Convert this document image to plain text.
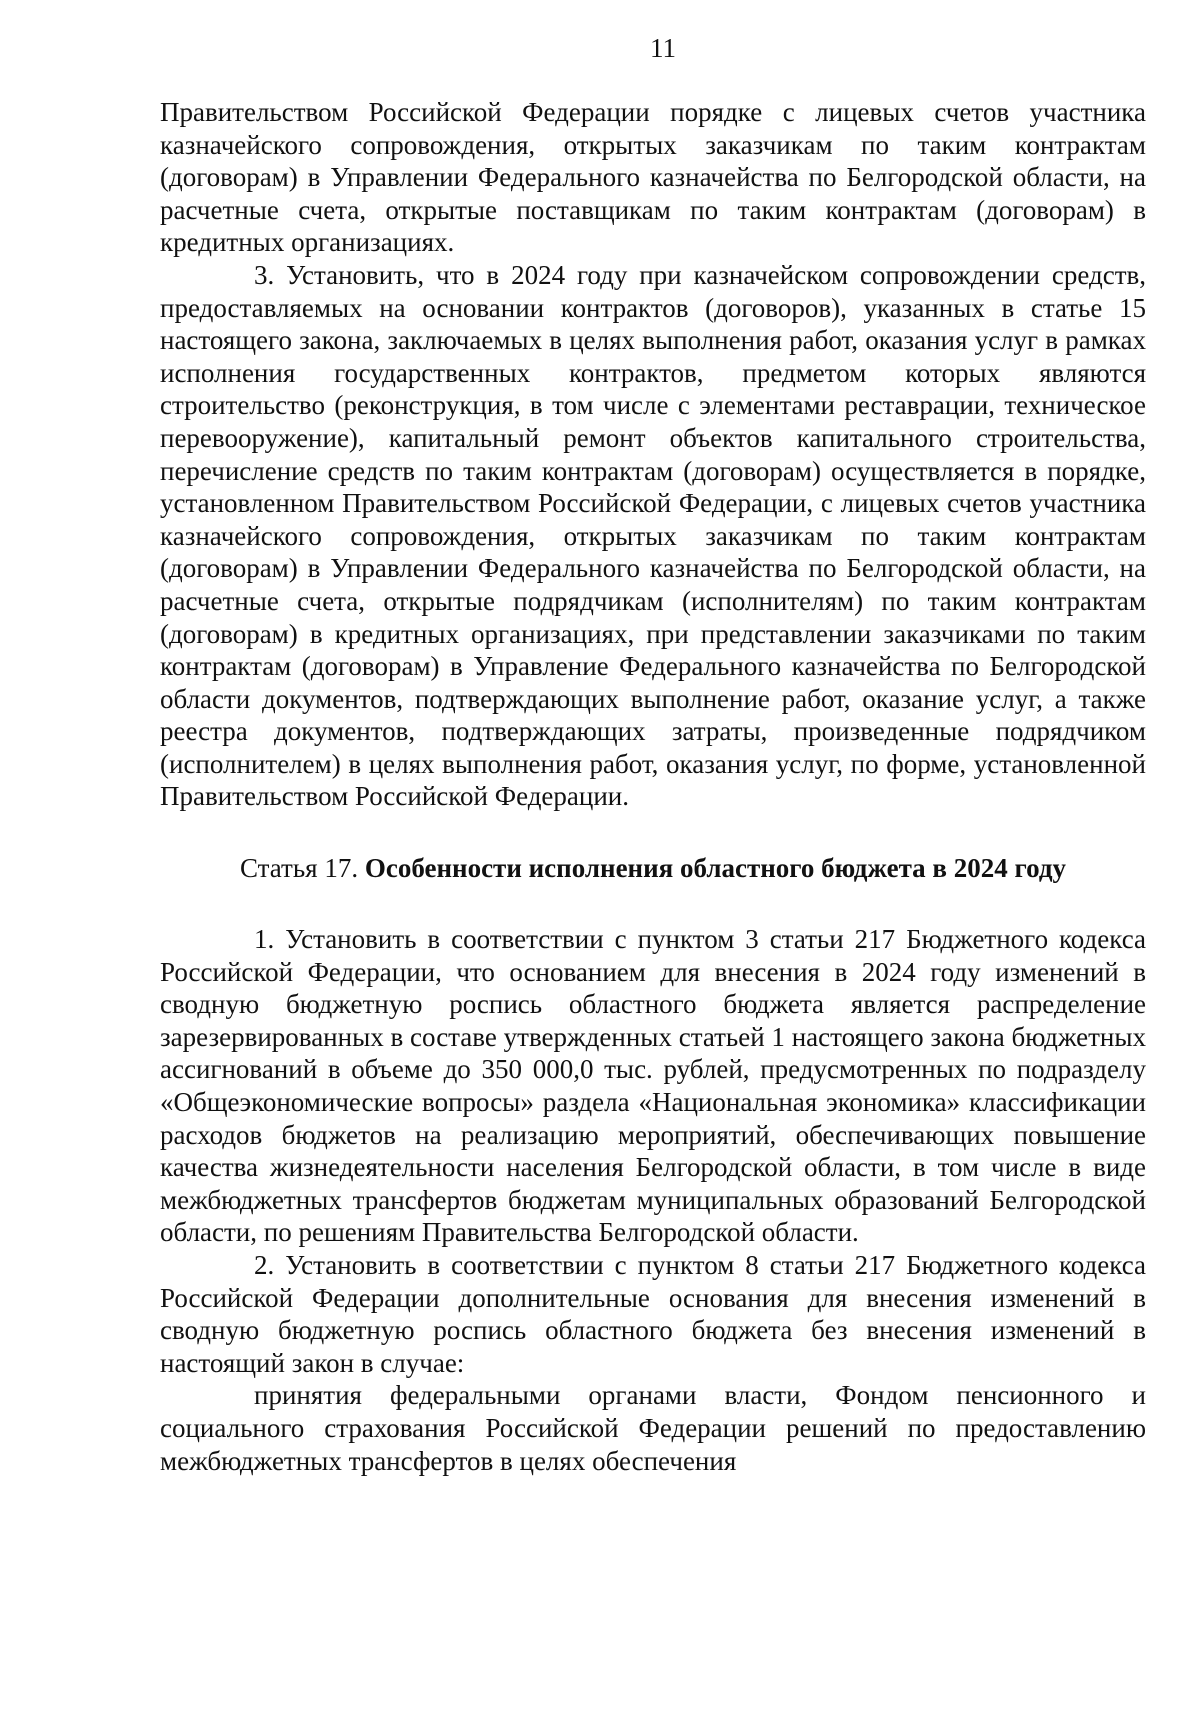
11

Правительством Российской Федерации порядке с лицевых счетов участника казначейского сопровождения, открытых заказчикам по таким контрактам (договорам) в Управлении Федерального казначейства по Белгородской области, на расчетные счета, открытые поставщикам по таким контрактам (договорам) в кредитных организациях.

3. Установить, что в 2024 году при казначейском сопровождении средств, предоставляемых на основании контрактов (договоров), указанных в статье 15 настоящего закона, заключаемых в целях выполнения работ, оказания услуг в рамках исполнения государственных контрактов, предметом которых являются строительство (реконструкция, в том числе с элементами реставрации, техническое перевооружение), капитальный ремонт объектов капитального строительства, перечисление средств по таким контрактам (договорам) осуществляется в порядке, установленном Правительством Российской Федерации, с лицевых счетов участника казначейского сопровождения, открытых заказчикам по таким контрактам (договорам) в Управлении Федерального казначейства по Белгородской области, на расчетные счета, открытые подрядчикам (исполнителям) по таким контрактам (договорам) в кредитных организациях, при представлении заказчиками по таким контрактам (договорам) в Управление Федерального казначейства по Белгородской области документов, подтверждающих выполнение работ, оказание услуг, а также реестра документов, подтверждающих затраты, произведенные подрядчиком (исполнителем) в целях выполнения работ, оказания услуг, по форме, установленной Правительством Российской Федерации.

Статья 17. Особенности исполнения областного бюджета в 2024 году

1. Установить в соответствии с пунктом 3 статьи 217 Бюджетного кодекса Российской Федерации, что основанием для внесения в 2024 году изменений в сводную бюджетную роспись областного бюджета является распределение зарезервированных в составе утвержденных статьей 1 настоящего закона бюджетных ассигнований в объеме до 350 000,0 тыс. рублей, предусмотренных по подразделу «Общеэкономические вопросы» раздела «Национальная экономика» классификации расходов бюджетов на реализацию мероприятий, обеспечивающих повышение качества жизнедеятельности населения Белгородской области, в том числе в виде межбюджетных трансфертов бюджетам муниципальных образований Белгородской области, по решениям Правительства Белгородской области.

2. Установить в соответствии с пунктом 8 статьи 217 Бюджетного кодекса Российской Федерации дополнительные основания для внесения изменений в сводную бюджетную роспись областного бюджета без внесения изменений в настоящий закон в случае:

принятия федеральными органами власти, Фондом пенсионного и социального страхования Российской Федерации решений по предоставлению межбюджетных трансфертов в целях обеспечения
